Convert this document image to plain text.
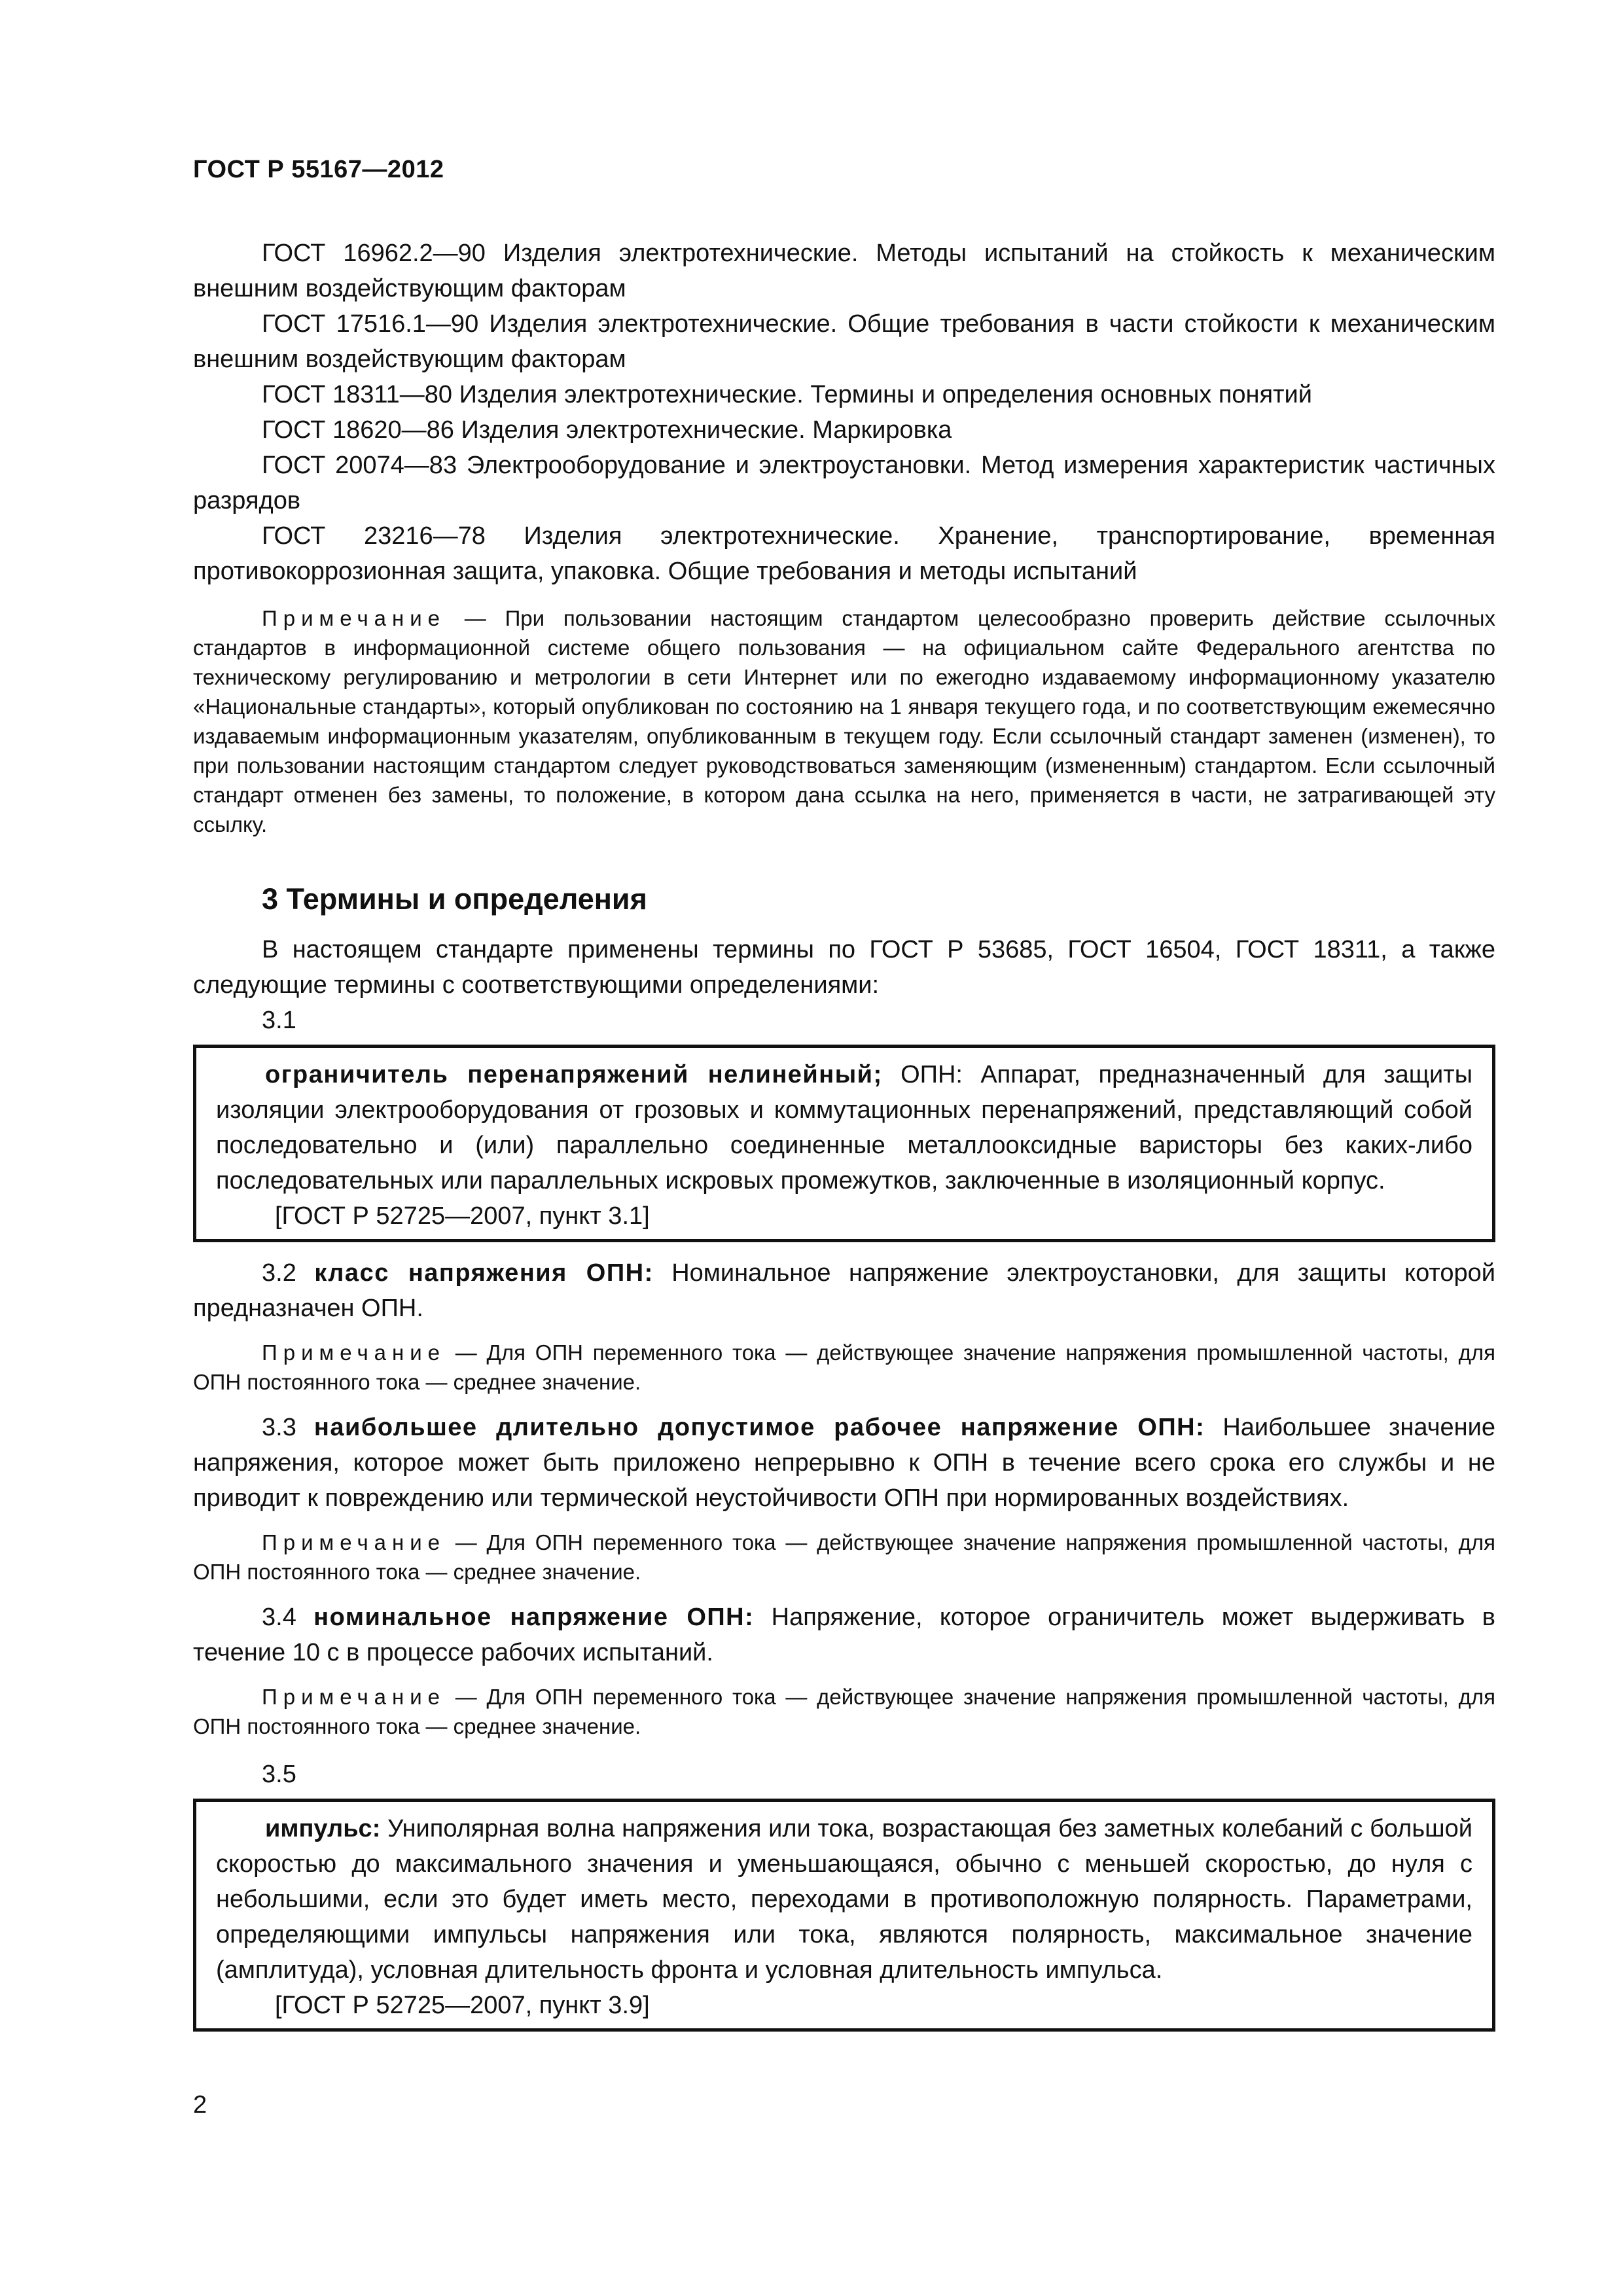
ГОСТ Р 55167—2012

ГОСТ 16962.2—90 Изделия электротехнические. Методы испытаний на стойкость к механическим внешним воздействующим факторам

ГОСТ 17516.1—90 Изделия электротехнические. Общие требования в части стойкости к механическим внешним воздействующим факторам

ГОСТ 18311—80 Изделия электротехнические. Термины и определения основных понятий

ГОСТ 18620—86 Изделия электротехнические. Маркировка

ГОСТ 20074—83 Электрооборудование и электроустановки. Метод измерения характеристик частичных разрядов

ГОСТ 23216—78 Изделия электротехнические. Хранение, транспортирование, временная противокоррозионная защита, упаковка. Общие требования и методы испытаний

Примечание — При пользовании настоящим стандартом целесообразно проверить действие ссылочных стандартов в информационной системе общего пользования — на официальном сайте Федерального агентства по техническому регулированию и метрологии в сети Интернет или по ежегодно издаваемому информационному указателю «Национальные стандарты», который опубликован по состоянию на 1 января текущего года, и по соответствующим ежемесячно издаваемым информационным указателям, опубликованным в текущем году. Если ссылочный стандарт заменен (изменен), то при пользовании настоящим стандартом следует руководствоваться заменяющим (измененным) стандартом. Если ссылочный стандарт отменен без замены, то положение, в котором дана ссылка на него, применяется в части, не затрагивающей эту ссылку.

3 Термины и определения

В настоящем стандарте применены термины по ГОСТ Р 53685, ГОСТ 16504, ГОСТ 18311, а также следующие термины с соответствующими определениями:

3.1

ограничитель перенапряжений нелинейный; ОПН: Аппарат, предназначенный для защиты изоляции электрооборудования от грозовых и коммутационных перенапряжений, представляющий собой последовательно и (или) параллельно соединенные металлооксидные варисторы без каких-либо последовательных или параллельных искровых промежутков, заключенные в изоляционный корпус.

[ГОСТ Р 52725—2007, пункт 3.1]

3.2 класс напряжения ОПН: Номинальное напряжение электроустановки, для защиты которой предназначен ОПН.

Примечание — Для ОПН переменного тока — действующее значение напряжения промышленной частоты, для ОПН постоянного тока — среднее значение.

3.3 наибольшее длительно допустимое рабочее напряжение ОПН: Наибольшее значение напряжения, которое может быть приложено непрерывно к ОПН в течение всего срока его службы и не приводит к повреждению или термической неустойчивости ОПН при нормированных воздействиях.

Примечание — Для ОПН переменного тока — действующее значение напряжения промышленной частоты, для ОПН постоянного тока — среднее значение.

3.4 номинальное напряжение ОПН: Напряжение, которое ограничитель может выдерживать в течение 10 с в процессе рабочих испытаний.

Примечание — Для ОПН переменного тока — действующее значение напряжения промышленной частоты, для ОПН постоянного тока — среднее значение.

3.5

импульс: Униполярная волна напряжения или тока, возрастающая без заметных колебаний с большой скоростью до максимального значения и уменьшающаяся, обычно с меньшей скоростью, до нуля с небольшими, если это будет иметь место, переходами в противоположную полярность. Параметрами, определяющими импульсы напряжения или тока, являются полярность, максимальное значение (амплитуда), условная длительность фронта и условная длительность импульса.

[ГОСТ Р 52725—2007, пункт 3.9]
2
